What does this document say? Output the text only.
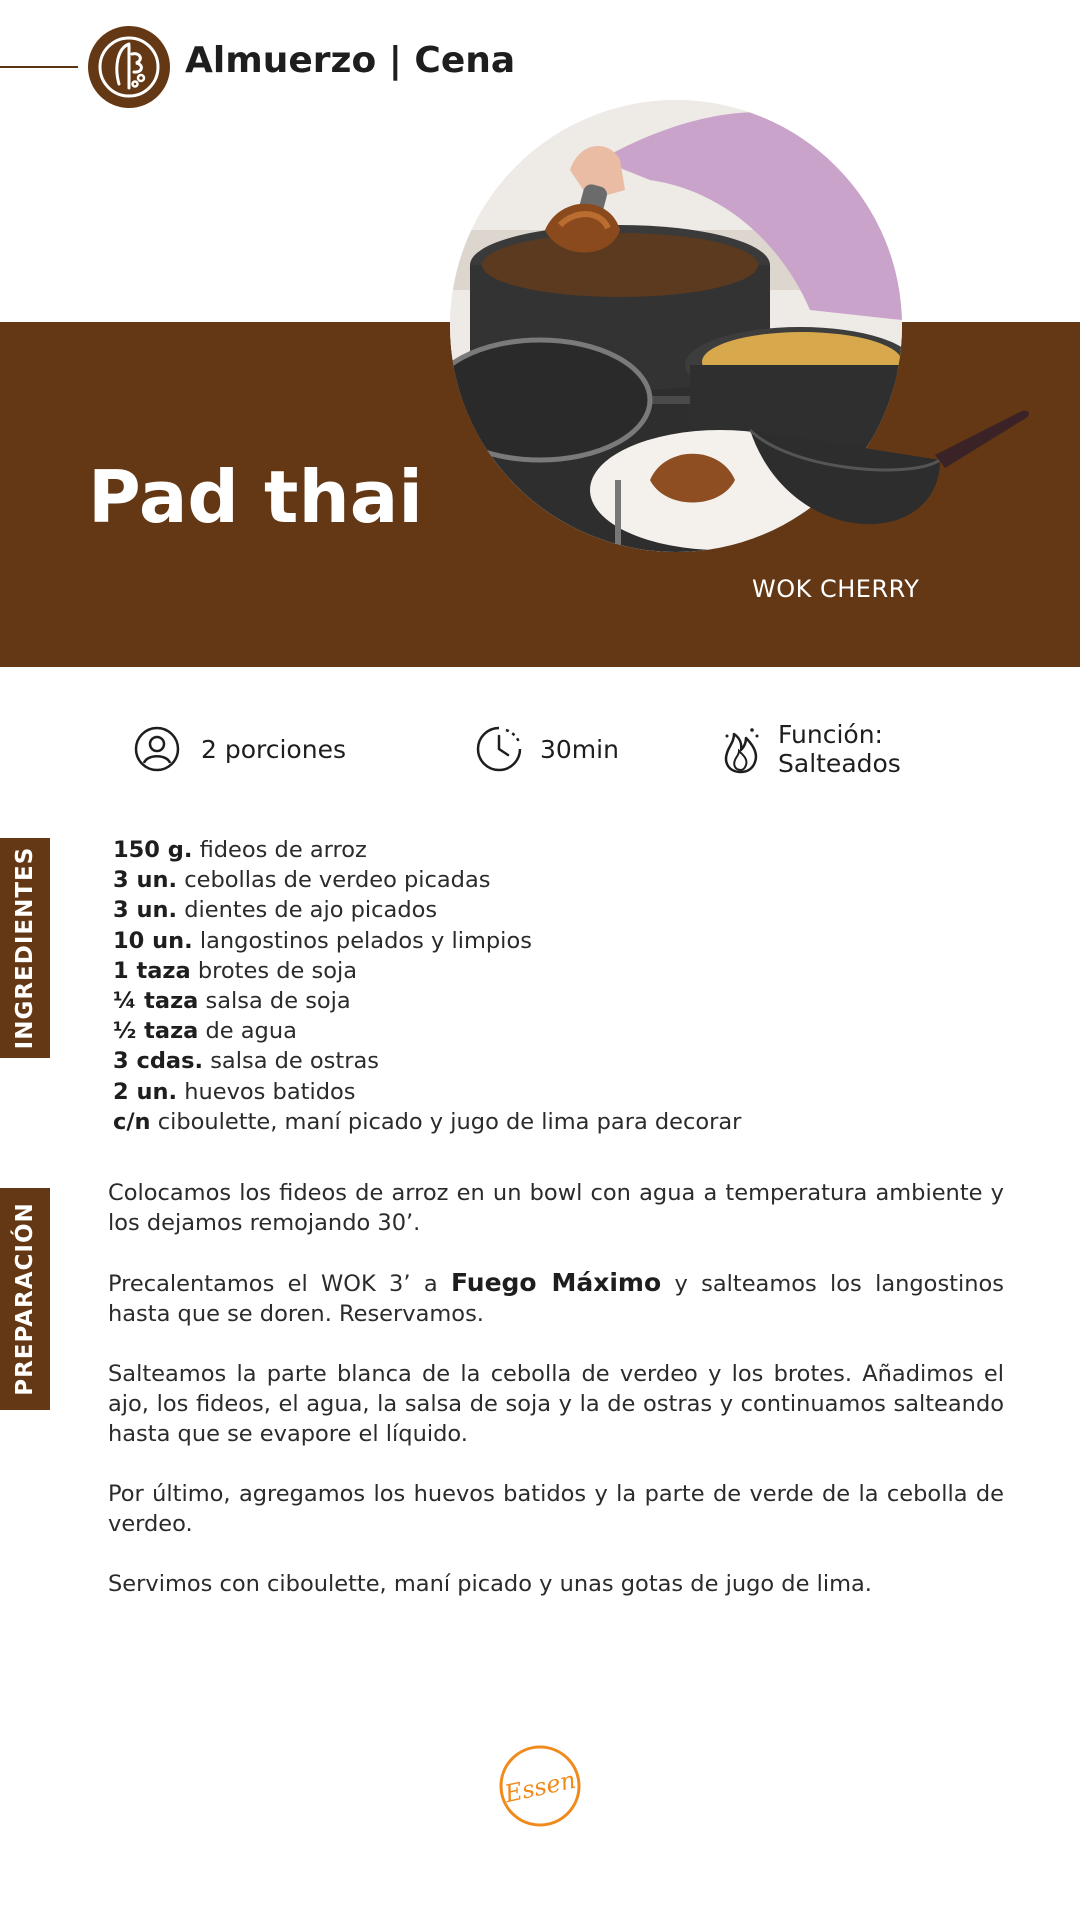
Almuerzo | Cena
Pad thai
WOK CHERRY
2 porciones	30min
Función:
Salteados
INGREDIENTES	150 g. fideos de arroz
3 un. cebollas de verdeo picadas
3 un. dientes de ajo picados
10 un. langostinos pelados y limpios
1 taza brotes de soja
¼ taza salsa de soja
½ taza de agua
3 cdas. salsa de ostras
2 un. huevos batidos
c/n ciboulette, maní picado y jugo de lima para decorar
PREPARACIÓN

Colocamos los fideos de arroz en un bowl con agua a temperatura ambiente y los dejamos remojando 30’.

Precalentamos el WOK 3’ a Fuego Máximo y salteamos los langostinos hasta que se doren. Reservamos.

Salteamos la parte blanca de la cebolla de verdeo y los brotes. Añadimos el ajo, los fideos, el agua, la salsa de soja y la de ostras y continuamos salteando hasta que se evapore el líquido.

Por último, agregamos los huevos batidos y la parte de verde de la cebolla de verdeo.

Servimos con ciboulette, maní picado y unas gotas de jugo de lima.

Essen
